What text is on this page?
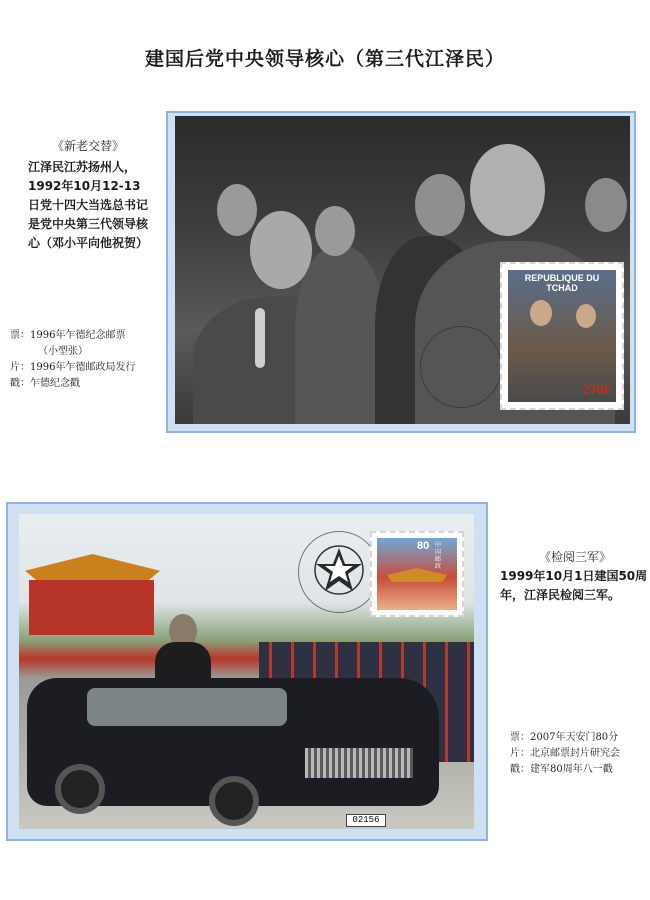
建国后党中央领导核心（第三代江泽民）
《新老交替》
江泽民江苏扬州人，1992年10月12-13日党十四大当选总书记是党中央第三代领导核心（邓小平向他祝贺）
票：1996年乍德纪念邮票
（小型张）
片：1996年乍德邮政局发行
戳：乍德纪念戳
REPUBLIQUE DU TCHAD
270F
80 中国邮政
02156
《检阅三军》
1999年10月1日建国50周年，江泽民检阅三军。
票：2007年天安门80分
片：北京邮票封片研究会
戳：建军80周年八一戳
